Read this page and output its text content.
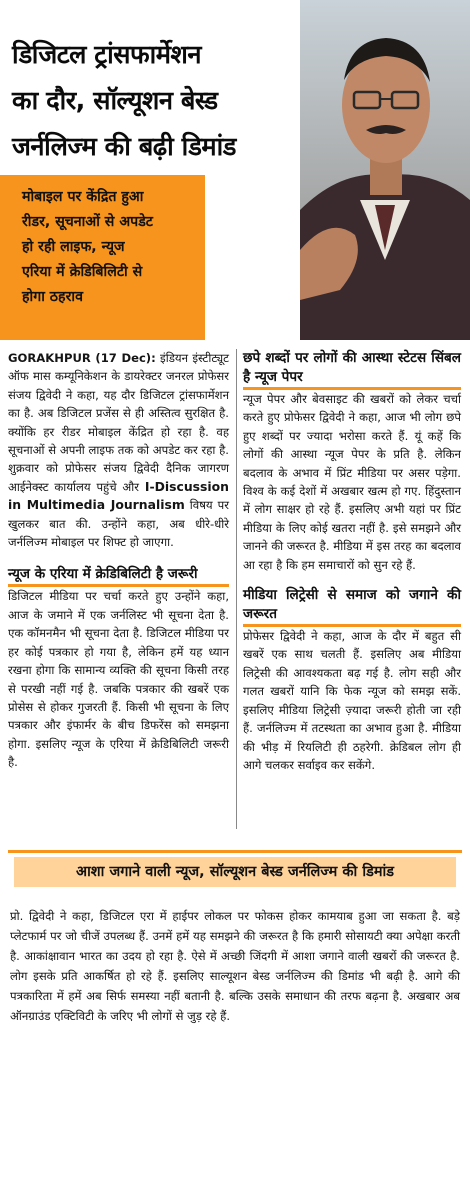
डिजिटल ट्रांसफार्मेशन
का दौर, सॉल्यूशन बेस्ड
जर्नलिज्म की बढ़ी डिमांड
मोबाइल पर केंद्रित हुआ
रीडर, सूचनाओं से अपडेट
हो रही लाइफ, न्यूज
एरिया में क्रेडिबिलिटी से
होगा ठहराव

GORAKHPUR (17 Dec): इंडियन इंस्टीट्यूट ऑफ मास कम्यूनिकेशन के डायरेक्टर जनरल प्रोफेसर संजय द्विवेदी ने कहा, यह दौर डिजिटल ट्रांसफार्मेशन का है. अब डिजिटल प्रजेंस से ही अस्तित्व सुरक्षित है. क्योंकि हर रीडर मोबाइल केंद्रित हो रहा है. वह सूचनाओं से अपनी लाइफ तक को अपडेट कर रहा है. शुक्रवार को प्रोफेसर संजय द्विवेदी दैनिक जागरण आईनेक्स्ट कार्यालय पहुंचे और I-Discussion in Multimedia Journalism विषय पर खुलकर बात की. उन्होंने कहा, अब धीरे-धीरे जर्नलिज्म मोबाइल पर शिफ्ट हो जाएगा.

न्यूज के एरिया में क्रेडिबिलिटी है जरूरी

डिजिटल मीडिया पर चर्चा करते हुए उन्होंने कहा, आज के जमाने में एक जर्नलिस्ट भी सूचना देता है. एक कॉमनमैन भी सूचना देता है. डिजिटल मीडिया पर हर कोई पत्रकार हो गया है, लेकिन हमें यह ध्यान रखना होगा कि सामान्य व्यक्ति की सूचना किसी तरह से परखी नहीं गई है. जबकि पत्रकार की खबरें एक प्रोसेस से होकर गुजरती हैं. किसी भी सूचना के लिए पत्रकार और इंफार्मर के बीच डिफरेंस को समझना होगा. इसलिए न्यूज के एरिया में क्रेडिबिलिटी जरूरी है.

छपे शब्दों पर लोगों की आस्था स्टेटस सिंबल है न्यूज पेपर

न्यूज पेपर और बेवसाइट की खबरों को लेकर चर्चा करते हुए प्रोफेसर द्विवेदी ने कहा, आज भी लोग छपे हुए शब्दों पर ज्यादा भरोसा करते हैं. यूं कहें कि लोगों की आस्था न्यूज पेपर के प्रति है. लेकिन बदलाव के अभाव में प्रिंट मीडिया पर असर पड़ेगा. विश्व के कई देशों में अखबार खत्म हो गए. हिंदुस्तान में लोग साक्षर हो रहे हैं. इसलिए अभी यहां पर प्रिंट मीडिया के लिए कोई खतरा नहीं है. इसे समझने और जानने की जरूरत है. मीडिया में इस तरह का बदलाव आ रहा है कि हम समाचारों को सुन रहे हैं.

मीडिया लिट्रेसी से समाज को जगाने की जरूरत

प्रोफेसर द्विवेदी ने कहा, आज के दौर में बहुत सी खबरें एक साथ चलती हैं. इसलिए अब मीडिया लिट्रेसी की आवश्यकता बढ़ गई है. लोग सही और गलत खबरों यानि कि फेक न्यूज को समझ सकें. इसलिए मीडिया लिट्रेसी ज़्यादा जरूरी होती जा रही हैं. जर्नलिज्म में तटस्थता का अभाव हुआ है. मीडिया की भीड़ में रियलिटी ही ठहरेगी. क्रेडिबल लोग ही आगे चलकर सर्वाइव कर सकेंगे.

आशा जगाने वाली न्यूज, सॉल्यूशन बेस्ड जर्नलिज्म की डिमांड

प्रो. द्विवेदी ने कहा, डिजिटल एरा में हाईपर लोकल पर फोकस होकर कामयाब हुआ जा सकता है. बड़े प्लेटफार्म पर जो चीजें उपलब्ध हैं. उनमें हमें यह समझने की जरूरत है कि हमारी सोसायटी क्या अपेक्षा करती है. आकांक्षावान भारत का उदय हो रहा है. ऐसे में अच्छी जिंदगी में आशा जगाने वाली खबरों की जरूरत है. लोग इसके प्रति आकर्षित हो रहे हैं. इसलिए साल्यूशन बेस्ड जर्नलिज्म की डिमांड भी बढ़ी है. आगे की पत्रकारिता में हमें अब सिर्फ समस्या नहीं बतानी है. बल्कि उसके समाधान की तरफ बढ़ना है. अखबार अब ऑनग्राउंड एक्टिविटी के जरिए भी लोगों से जुड़ रहे हैं.
